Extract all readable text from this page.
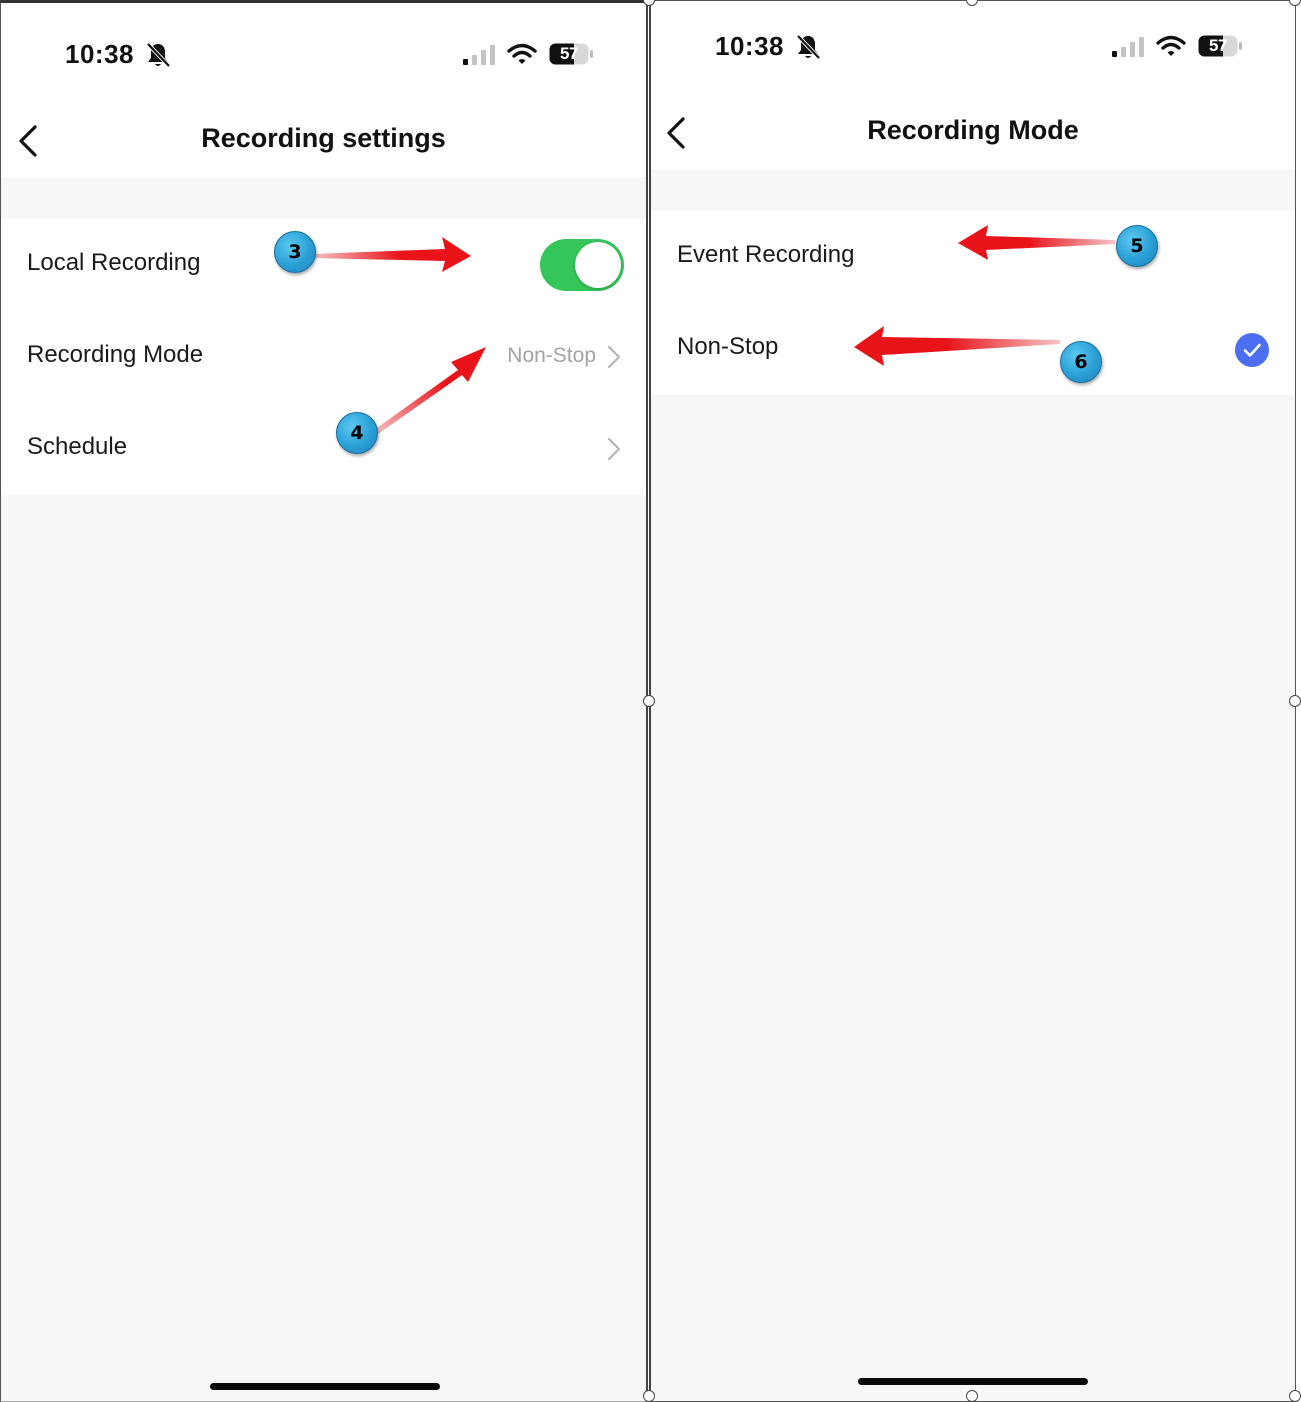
10:38	57
Recording settings
Local Recording
Recording Mode	Non-Stop
Schedule
10:38	57
Recording Mode
Event Recording
Non-Stop
3
4
5
6
